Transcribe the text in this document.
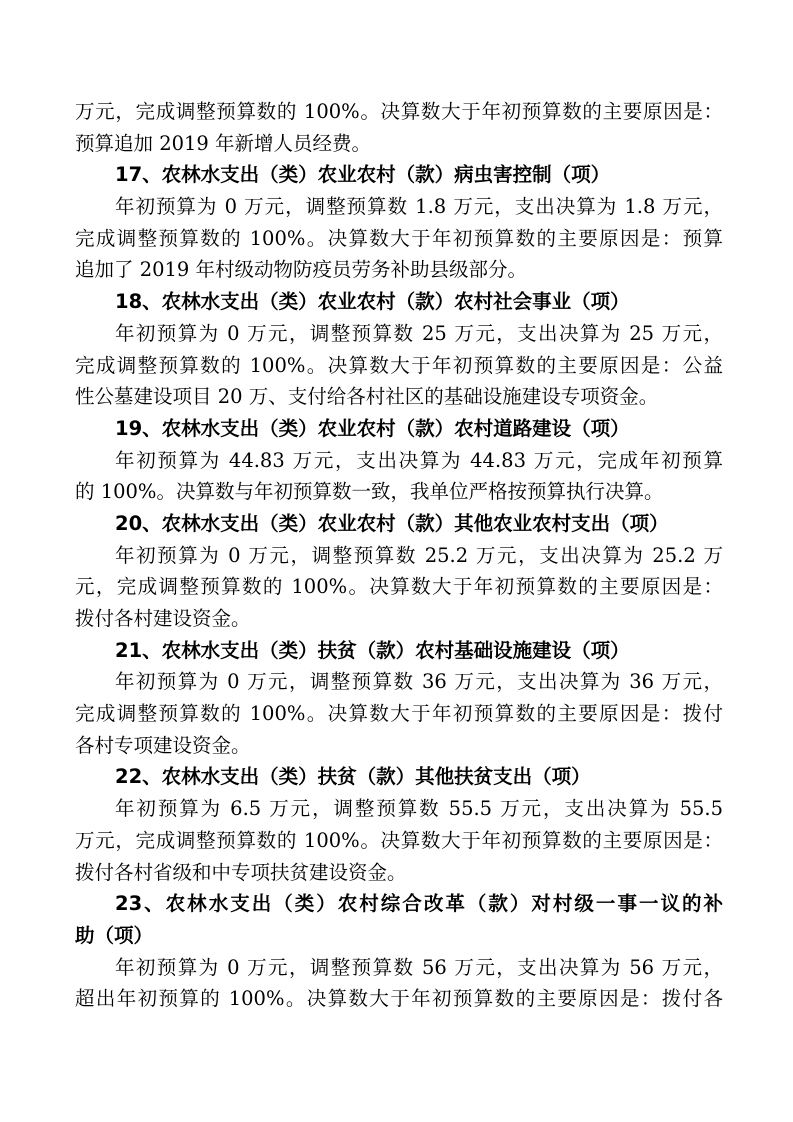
万元，完成调整预算数的 100%。决算数大于年初预算数的主要原因是：
预算追加 2019 年新增人员经费。
17、农林水支出（类）农业农村（款）病虫害控制（项）
年初预算为 0 万元，调整预算数 1.8 万元，支出决算为 1.8 万元，
完成调整预算数的 100%。决算数大于年初预算数的主要原因是：预算
追加了 2019 年村级动物防疫员劳务补助县级部分。
18、农林水支出（类）农业农村（款）农村社会事业（项）
年初预算为 0 万元，调整预算数 25 万元，支出决算为 25 万元，
完成调整预算数的 100%。决算数大于年初预算数的主要原因是：公益
性公墓建设项目 20 万、支付给各村社区的基础设施建设专项资金。
19、农林水支出（类）农业农村（款）农村道路建设（项）
年初预算为 44.83 万元，支出决算为 44.83 万元，完成年初预算
的 100%。决算数与年初预算数一致，我单位严格按预算执行决算。
20、农林水支出（类）农业农村（款）其他农业农村支出（项）
年初预算为 0 万元，调整预算数 25.2 万元，支出决算为 25.2 万
元，完成调整预算数的 100%。决算数大于年初预算数的主要原因是：
拨付各村建设资金。
21、农林水支出（类）扶贫（款）农村基础设施建设（项）
年初预算为 0 万元，调整预算数 36 万元，支出决算为 36 万元，
完成调整预算数的 100%。决算数大于年初预算数的主要原因是：拨付
各村专项建设资金。
22、农林水支出（类）扶贫（款）其他扶贫支出（项）
年初预算为 6.5 万元，调整预算数 55.5 万元，支出决算为 55.5
万元，完成调整预算数的 100%。决算数大于年初预算数的主要原因是：
拨付各村省级和中专项扶贫建设资金。
23、农林水支出（类）农村综合改革（款）对村级一事一议的补
助（项）
年初预算为 0 万元，调整预算数 56 万元，支出决算为 56 万元，
超出年初预算的 100%。决算数大于年初预算数的主要原因是：拨付各
